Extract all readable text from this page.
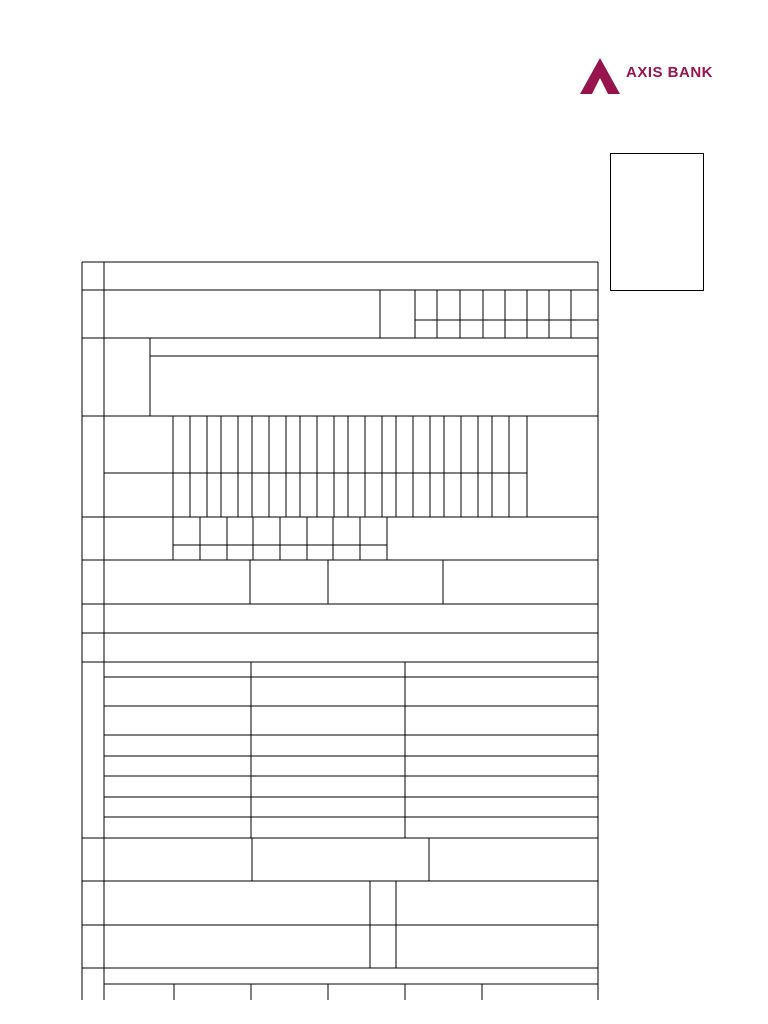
AXIS BANK
